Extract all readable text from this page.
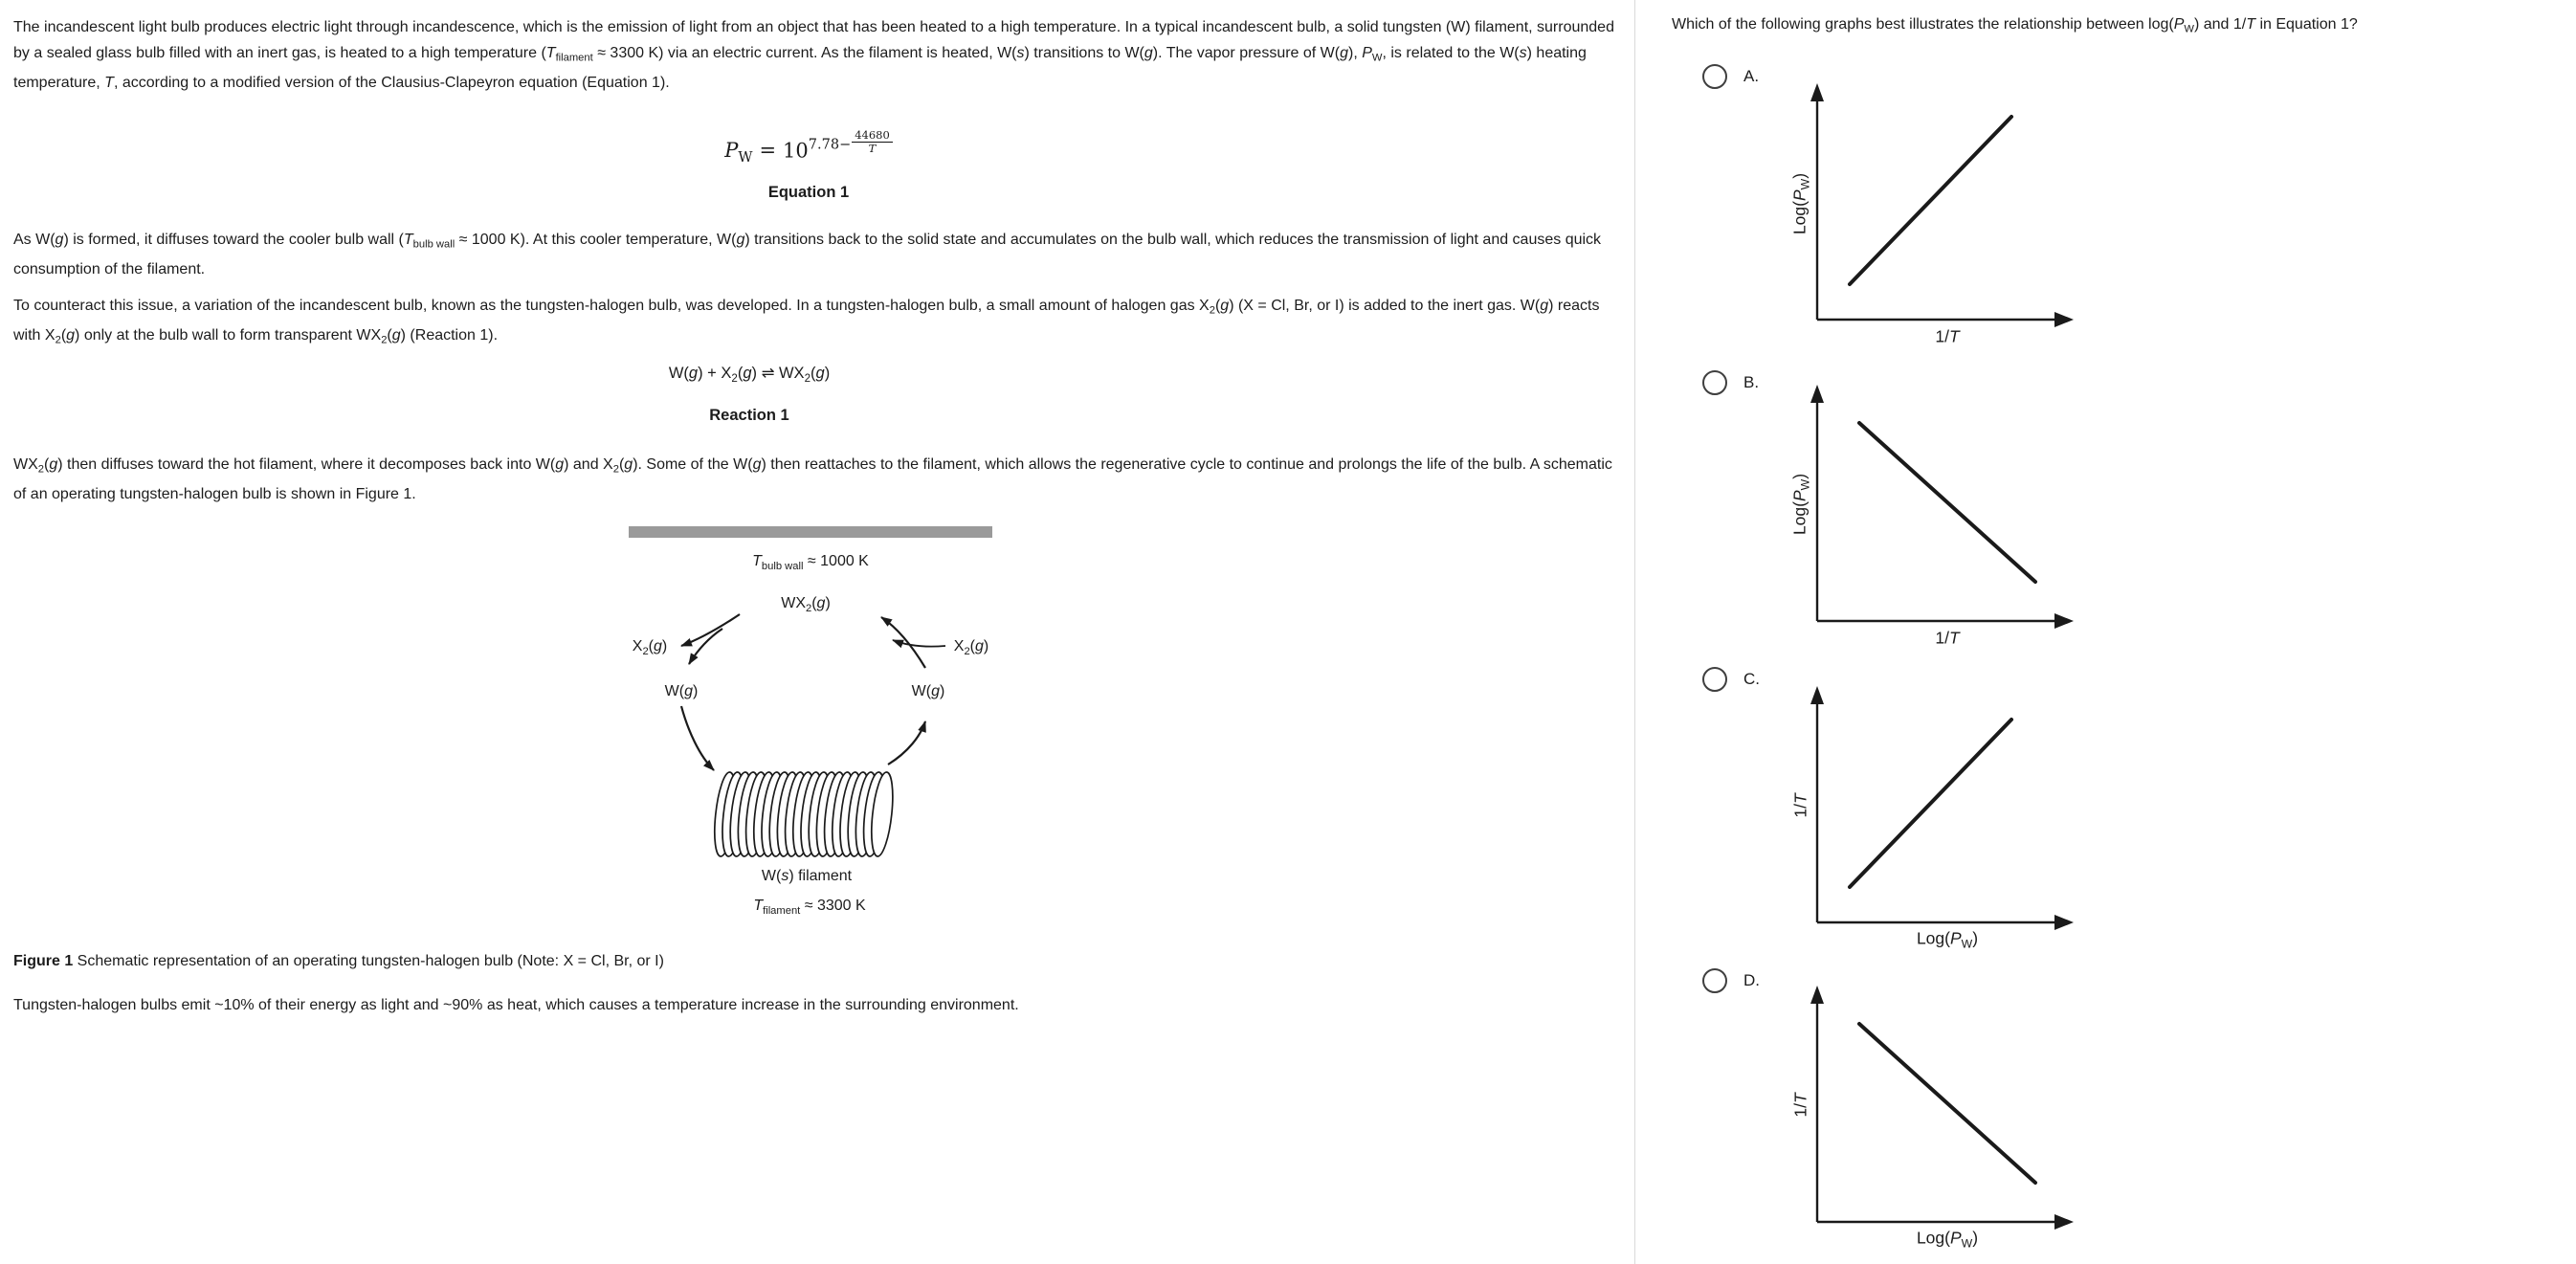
The incandescent light bulb produces electric light through incandescence, which is the emission of light from an object that has been heated to a high temperature. In a typical incandescent bulb, a solid tungsten (W) filament, surrounded by a sealed glass bulb filled with an inert gas, is heated to a high temperature ($T_{filament} \approx 3300$ K) via an electric current. As the filament is heated, W(s) transitions to W(g). The vapor pressure of W(g), $P_W$, is related to the W(s) heating temperature, T, according to a modified version of the Clausius-Clapeyron equation (Equation 1).
$P_W = 107.78- \frac{44680}{T}$
Equation 1
As W(g) is formed, it diffuses toward the cooler bulb wall ($T_{bulb wall} \approx 1000$ K). At this cooler temperature, W(g) transitions back to the solid state and accumulates on the bulb wall, which reduces the transmission of light and causes quick consumption of the filament.
To counteract this issue, a variation of the incandescent bulb, known as the tungsten-halogen bulb, was developed. In a tungsten-halogen bulb, a small amount of halogen gas $X_2(g) (X = Cl$, Br, or I) is added to the inert gas. W(g) reacts with $X_2(g)$ only at the bulb wall to form transparent $WX_2(g)$ (Reaction 1).
$W(g) + X_2(g)$ ⇌ $WX_2(g)$
Reaction 1
$WX_2(g)$ then diffuses toward the hot filament, where it decomposes back into W(g) and $X_2(g)$. Some of the W(g) then reattaches to the filament, which allows the regenerative cycle to continue and prolongs the life of the bulb. A schematic of an operating tungsten-halogen bulb is shown in Figure 1.
$T_{bulb wall} \approx 1000$ K
$WX_2(g)$
$X_2(g)$	$X_2(g)$
W(g)	W(g)
W(s) filament
$T_{filament} \approx 3300$ K
Figure 1 Schematic representation of an operating tungsten-halogen bulb (Note: X = Cl, Br, or I)
Tungsten-halogen bulbs emit ~10% of their energy as light and ~90% as heat, which causes a temperature increase in the surrounding environment.
Which of the following graphs best illustrates the relationship between $\log(P_W)$ and 1/T in Equation 1?
A.
$Log(P_W)$
1/T
B.
$Log(P_W)$
1/T
C.
1/T
$Log(P_W)$
D.
1/T
$Log(P_W)$
